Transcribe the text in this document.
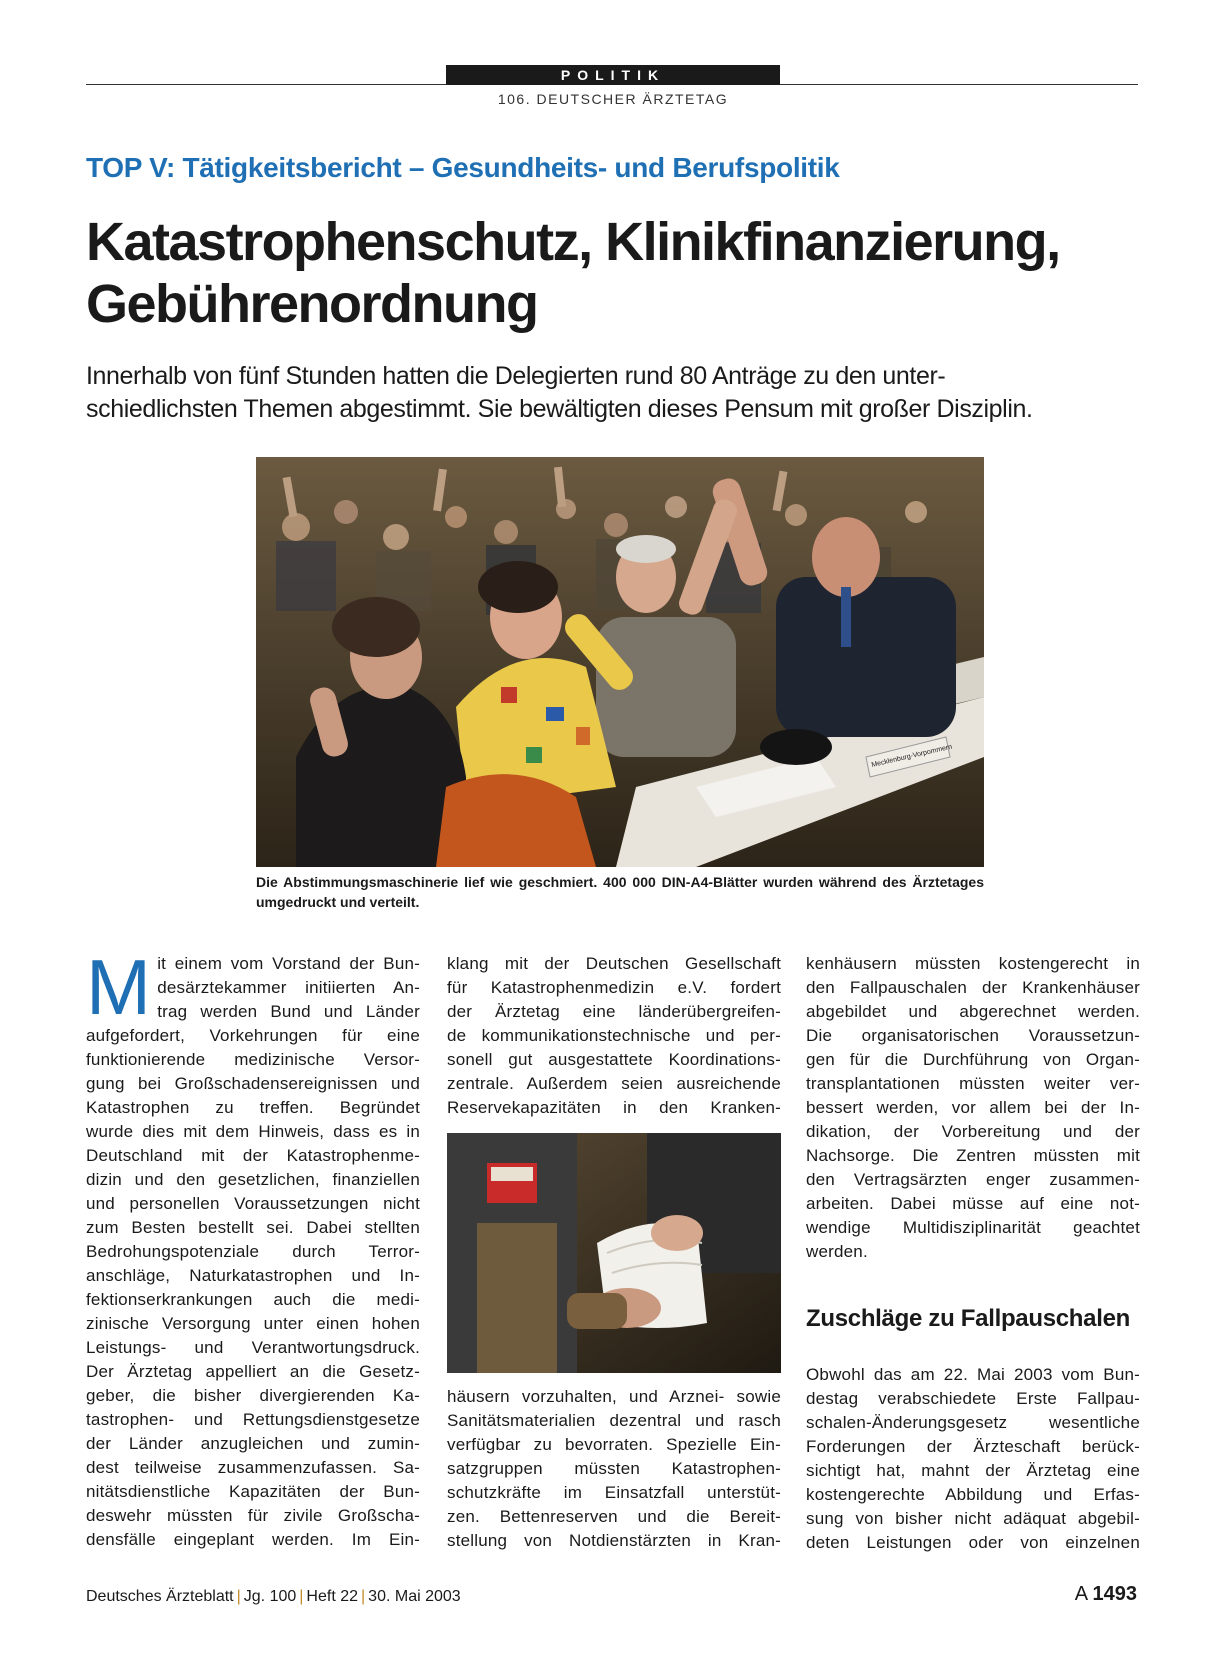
POLITIK
106. DEUTSCHER ÄRZTETAG
TOP V: Tätigkeitsbericht – Gesundheits- und Berufspolitik
Katastrophenschutz, Klinikfinanzierung,
Gebührenordnung
Innerhalb von fünf Stunden hatten die Delegierten rund 80 Anträge zu den unter-
schiedlichsten Themen abgestimmt. Sie bewältigten dieses Pensum mit großer Disziplin.
Mecklenburg-Vorpommern
Die Abstimmungsmaschinerie lief wie geschmiert. 400 000 DIN-A4-Blätter wurden während des Ärztetages umgedruckt und verteilt.
M it einem vom Vorstand der Bun-
desärztekammer initiierten An-
trag werden Bund und Länder
aufgefordert, Vorkehrungen für eine
funktionierende medizinische Versor-
gung bei Großschadensereignissen und
Katastrophen zu treffen. Begründet
wurde dies mit dem Hinweis, dass es in
Deutschland mit der Katastrophenme-
dizin und den gesetzlichen, finanziellen
und personellen Voraussetzungen nicht
zum Besten bestellt sei. Dabei stellten
Bedrohungspotenziale durch Terror-
anschläge, Naturkatastrophen und In-
fektionserkrankungen auch die medi-
zinische Versorgung unter einen hohen
Leistungs- und Verantwortungsdruck.
Der Ärztetag appelliert an die Gesetz-
geber, die bisher divergierenden Ka-
tastrophen- und Rettungsdienstgesetze
der Länder anzugleichen und zumin-
dest teilweise zusammenzufassen. Sa-
nitätsdienstliche Kapazitäten der Bun-
deswehr müssten für zivile Großscha-
densfälle eingeplant werden. Im Ein-
klang mit der Deutschen Gesellschaft
für Katastrophenmedizin e.V. fordert
der Ärztetag eine länderübergreifen-
de kommunikationstechnische und per-
sonell gut ausgestattete Koordinations-
zentrale. Außerdem seien ausreichende
Reservekapazitäten in den Kranken-
häusern vorzuhalten, und Arznei- sowie
Sanitätsmaterialien dezentral und rasch
verfügbar zu bevorraten. Spezielle Ein-
satzgruppen müssten Katastrophen-
schutzkräfte im Einsatzfall unterstüt-
zen. Bettenreserven und die Bereit-
stellung von Notdienstärzten in Kran-
kenhäusern müssten kostengerecht in
den Fallpauschalen der Krankenhäuser
abgebildet und abgerechnet werden.
Die organisatorischen Voraussetzun-
gen für die Durchführung von Organ-
transplantationen müssten weiter ver-
bessert werden, vor allem bei der In-
dikation, der Vorbereitung und der
Nachsorge. Die Zentren müssten mit
den Vertragsärzten enger zusammen-
arbeiten. Dabei müsse auf eine not-
wendige Multidisziplinarität geachtet
werden.
Zuschläge zu Fallpauschalen
Obwohl das am 22. Mai 2003 vom Bun-
destag verabschiedete Erste Fallpau-
schalen-Änderungsgesetz wesentliche
Forderungen der Ärzteschaft berück-
sichtigt hat, mahnt der Ärztetag eine
kostengerechte Abbildung und Erfas-
sung von bisher nicht adäquat abgebil-
deten Leistungen oder von einzelnen
Deutsches Ärzteblatt | Jg. 100 | Heft 22 | 30. Mai 2003	A 1493
